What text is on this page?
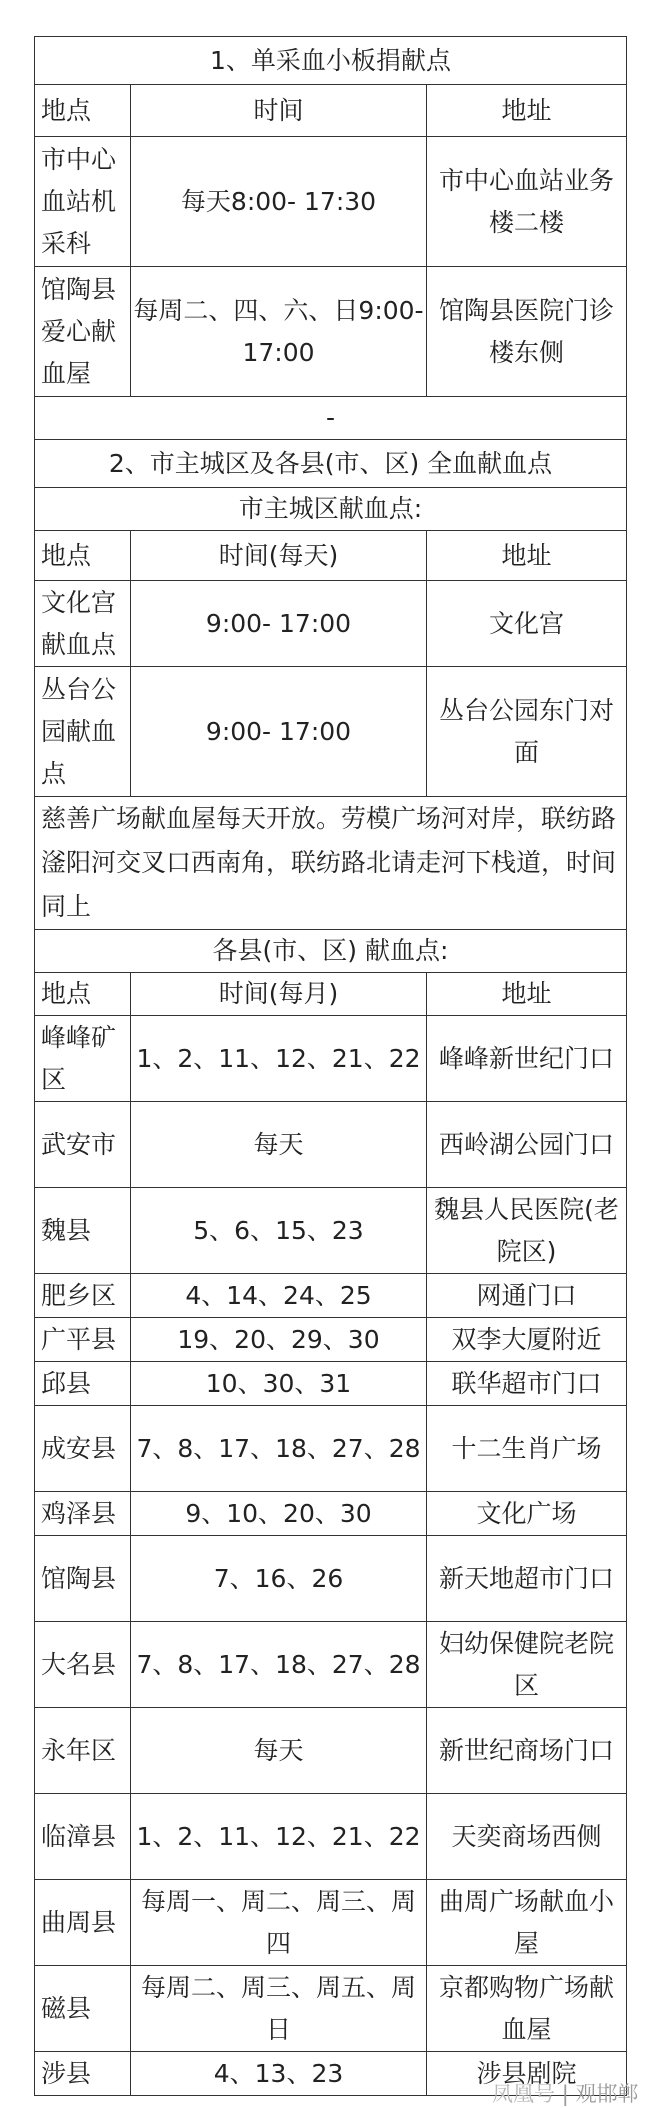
1、单采血小板捐献点		
地点	时间	地址
市中心血站机采科	每天8:00- 17:30	市中心血站业务楼二楼
馆陶县爱心献血屋	每周二、四、六、日9:00-17:00	馆陶县医院门诊楼东侧
-		
2、市主城区及各县(市、区) 全血献血点		
市主城区献血点:		
地点	时间(每天)	地址
文化宫献血点	9:00- 17:00	文化宫
丛台公园献血点	9:00- 17:00	丛台公园东门对面
慈善广场献血屋每天开放。劳模广场河对岸，联纺路滏阳河交叉口西南角，联纺路北请走河下栈道，时间同上		
各县(市、区) 献血点:		
地点	时间(每月)	地址
峰峰矿区	1、2、11、12、21、22	峰峰新世纪门口
武安市	每天	西岭湖公园门口
魏县	5、6、15、23	魏县人民医院(老院区)
肥乡区	4、14、24、25	网通门口
广平县	19、20、29、30	双李大厦附近
邱县	10、30、31	联华超市门口
成安县	7、8、17、18、27、28	十二生肖广场
鸡泽县	9、10、20、30	文化广场
馆陶县	7、16、26	新天地超市门口
大名县	7、8、17、18、27、28	妇幼保健院老院区
永年区	每天	新世纪商场门口
临漳县	1、2、11、12、21、22	天奕商场西侧
曲周县	每周一、周二、周三、周四	曲周广场献血小屋
磁县	每周二、周三、周五、周日	京都购物广场献血屋
涉县	4、13、23	涉县剧院
凤凰号 | 观邯郸
